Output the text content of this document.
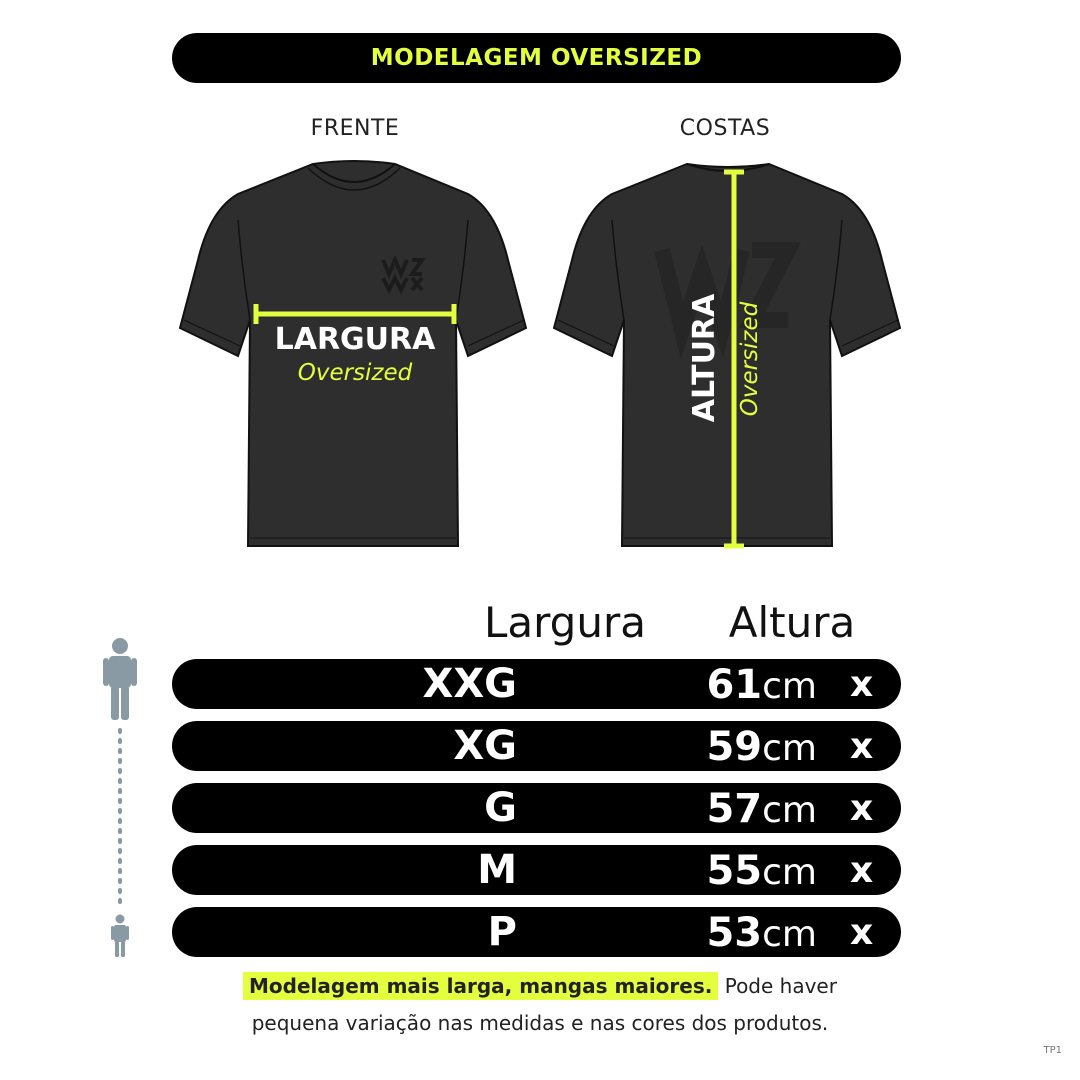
MODELAGEM OVERSIZED
FRENTE	COSTAS
LARGURA
Oversized	ALTURA Oversized
Largura	Altura
XXG	61cm x 79cm
XG	59cm x 77cm
G	57cm x 75cm
M	55cm x 73cm
P	53cm x 71cm
Modelagem mais larga, mangas maiores. Pode haver
pequena variação nas medidas e nas cores dos produtos.
TP1
